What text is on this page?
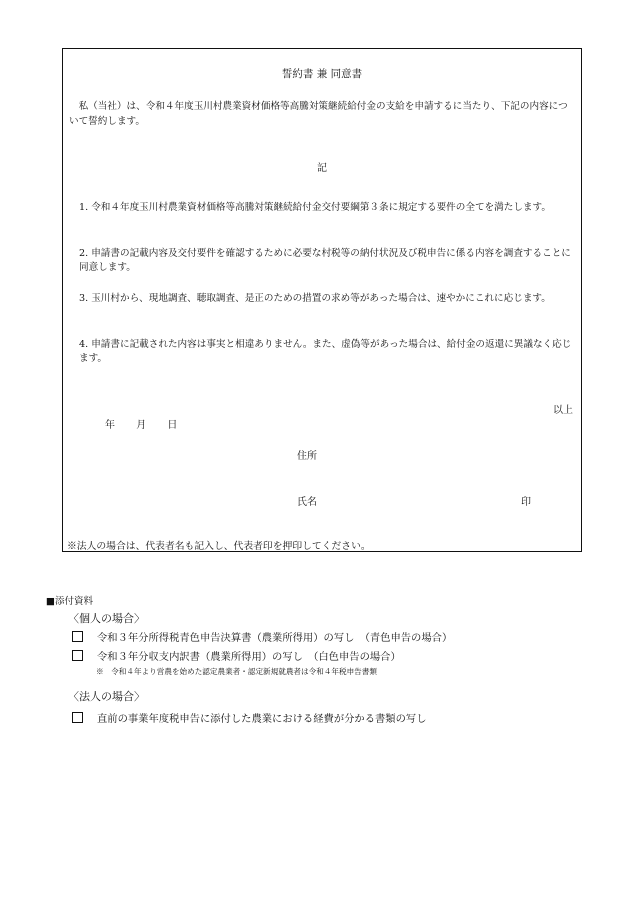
誓約書 兼 同意書
私（当社）は、令和４年度玉川村農業資材価格等高騰対策継続給付金の支給を申請するに当たり、下記の内容について誓約します。
記
1. 令和４年度玉川村農業資材価格等高騰対策継続給付金交付要綱第３条に規定する要件の全てを満たします。
2. 申請書の記載内容及交付要件を確認するために必要な村税等の納付状況及び税申告に係る内容を調査することに同意します。
3. 玉川村から、現地調査、聴取調査、是正のための措置の求め等があった場合は、速やかにこれに応じます。
4. 申請書に記載された内容は事実と相違ありません。また、虚偽等があった場合は、給付金の返還に異議なく応じます。
以上
年 月 日
住所
氏名	印
※法人の場合は、代表者名も記入し、代表者印を押印してください。
■添付資料
〈個人の場合〉
令和３年分所得税青色申告決算書（農業所得用）の写し　（青色申告の場合）
令和３年分収支内訳書（農業所得用）の写し　（白色申告の場合）
※　令和４年より営農を始めた認定農業者・認定新規就農者は令和４年税申告書類
〈法人の場合〉
直前の事業年度税申告に添付した農業における経費が分かる書類の写し
